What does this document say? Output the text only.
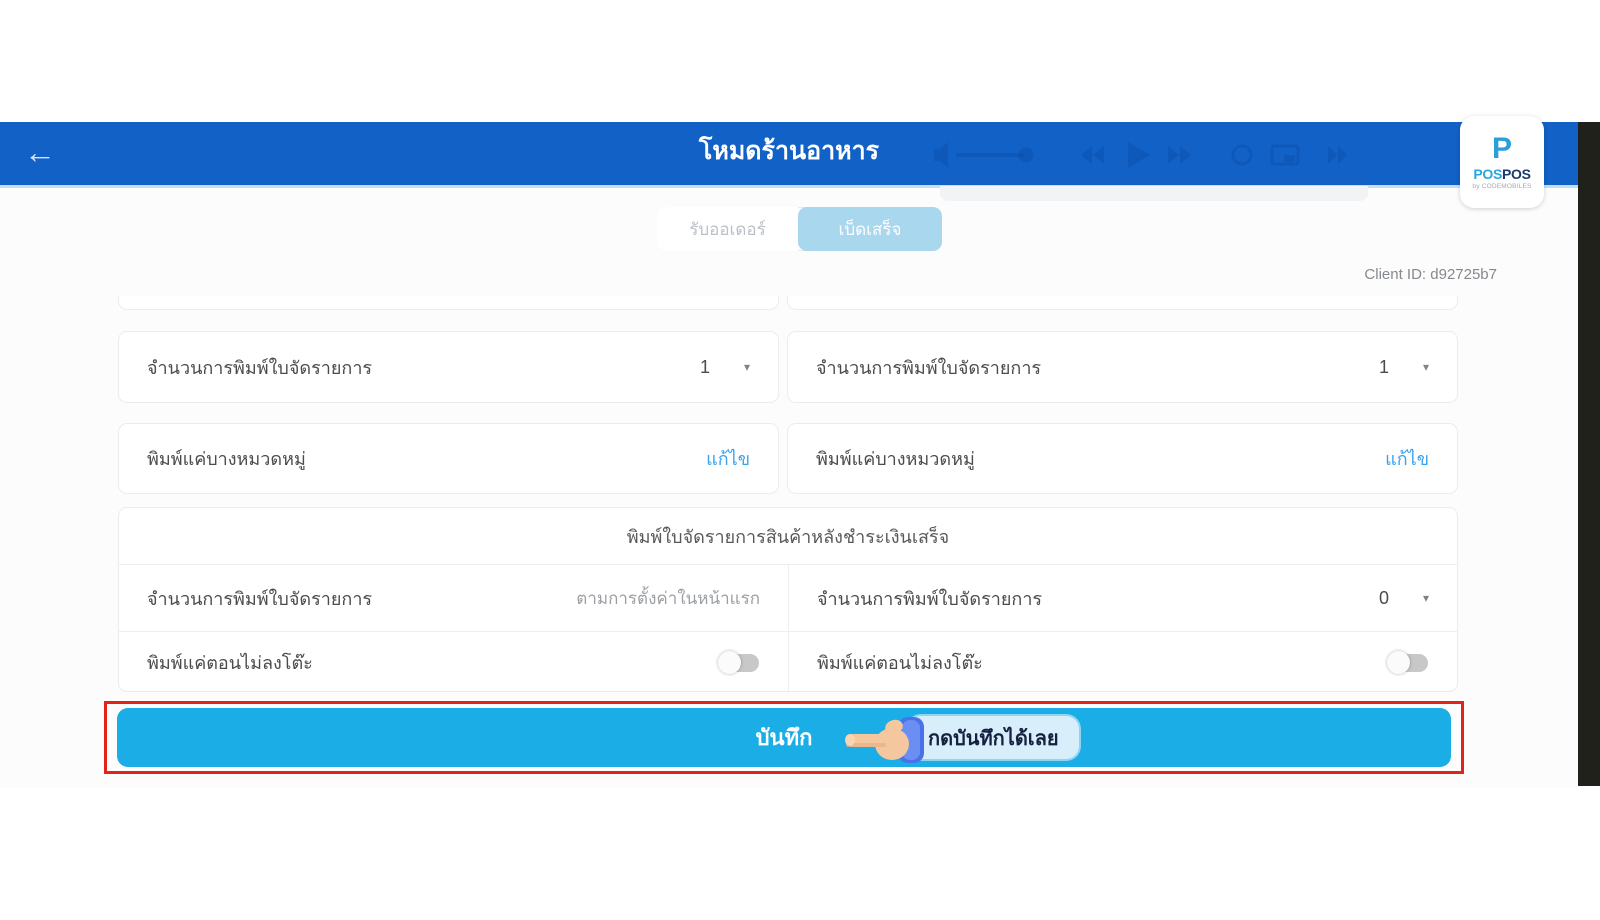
←	โหมดร้านอาหาร	P
POSPOS
by CODEMOBILES
รับออเดอร์	เบ็ดเสร็จ
Client ID: d92725b7
จำนวนการพิมพ์ใบจัดรายการ	1	▾	จำนวนการพิมพ์ใบจัดรายการ	1	▾
พิมพ์แค่บางหมวดหมู่	แก้ไข	พิมพ์แค่บางหมวดหมู่	แก้ไข
พิมพ์ใบจัดรายการสินค้าหลังชำระเงินเสร็จ
จำนวนการพิมพ์ใบจัดรายการ	ตามการตั้งค่าในหน้าแรก	จำนวนการพิมพ์ใบจัดรายการ	0	▾
พิมพ์แค่ตอนไม่ลงโต๊ะ	พิมพ์แค่ตอนไม่ลงโต๊ะ
บันทึก	กดบันทึกได้เลย
